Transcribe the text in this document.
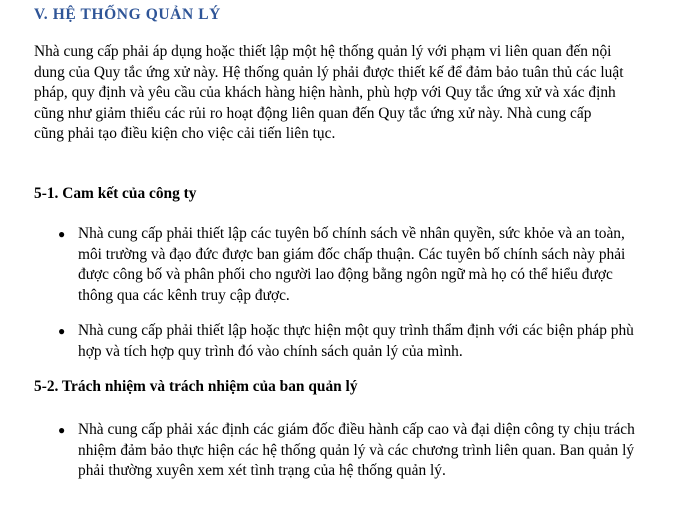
V. HỆ THỐNG QUẢN LÝ

Nhà cung cấp phải áp dụng hoặc thiết lập một hệ thống quản lý với phạm vi liên quan đến nội dung của Quy tắc ứng xử này. Hệ thống quản lý phải được thiết kế để đảm bảo tuân thủ các luật pháp, quy định và yêu cầu của khách hàng hiện hành, phù hợp với Quy tắc ứng xử và xác định cũng như giảm thiểu các rủi ro hoạt động liên quan đến Quy tắc ứng xử này. Nhà cung cấp cũng phải tạo điều kiện cho việc cải tiến liên tục.

5-1. Cam kết của công ty
● Nhà cung cấp phải thiết lập các tuyên bố chính sách về nhân quyền, sức khỏe và an toàn, môi trường và đạo đức được ban giám đốc chấp thuận. Các tuyên bố chính sách này phải được công bố và phân phối cho người lao động bằng ngôn ngữ mà họ có thể hiểu được thông qua các kênh truy cập được.

● Nhà cung cấp phải thiết lập hoặc thực hiện một quy trình thẩm định với các biện pháp phù hợp và tích hợp quy trình đó vào chính sách quản lý của mình.

5-2. Trách nhiệm và trách nhiệm của ban quản lý
● Nhà cung cấp phải xác định các giám đốc điều hành cấp cao và đại diện công ty chịu trách nhiệm đảm bảo thực hiện các hệ thống quản lý và các chương trình liên quan. Ban quản lý phải thường xuyên xem xét tình trạng của hệ thống quản lý.
